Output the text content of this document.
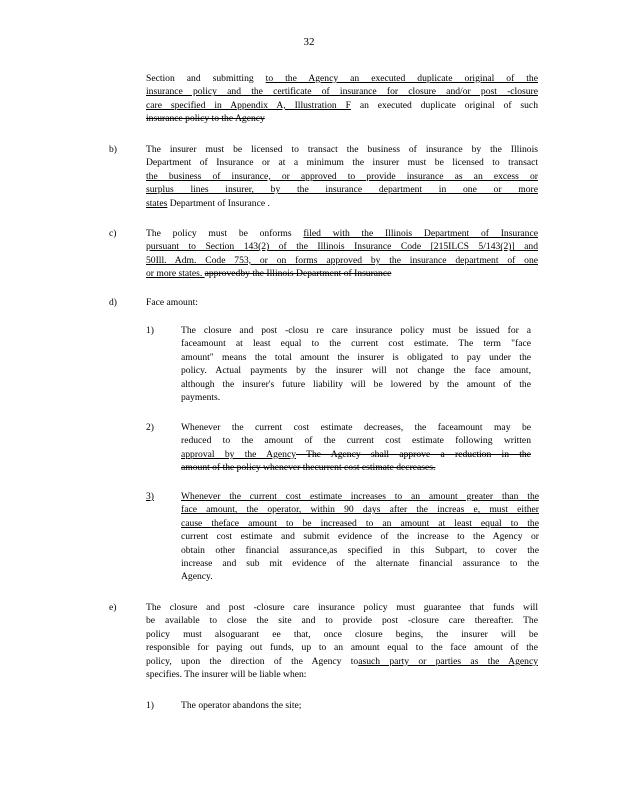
32
Section and submitting to the Agency an executed duplicate original of the
insurance policy and the certificate of insurance for closure and/or post -closure
care specified in Appendix A, Illustration F an executed duplicate original of such
insurance policy to the Agency
b)	The insurer must be licensed to transact the business of insurance by the Illinois
Department of Insurance or at a minimum the insurer must be licensed to transact
the business of insurance, or approved to provide insurance as an excess or
surplus lines insurer, by the insurance department in one or more
states Department of Insurance .
c)	The policy must be onforms filed with the Illinois Department of Insurance
pursuant to Section 143(2) of the Illinois Insurance Code [215ILCS 5/143(2)] and
50Ill. Adm. Code 753, or on forms approved by the insurance department of one
or more states. approvedby the Illinois Department of Insurance
d)	Face amount:
1)	The closure and post -closu re care insurance policy must be issued for a
faceamount at least equal to the current cost estimate. The term "face
amount" means the total amount the insurer is obligated to pay under the
policy. Actual payments by the insurer will not change the face amount,
although the insurer's future liability will be lowered by the amount of the
payments.
2)	Whenever the current cost estimate decreases, the faceamount may be
reduced to the amount of the current cost estimate following written
approval by the Agency The Agency shall approve a reduction in the
amount of the policy whenever thecurrent cost estimate decreases.
3)	Whenever the current cost estimate increases to an amount greater than the
face amount, the operator, within 90 days after the increas e, must either
cause theface amount to be increased to an amount at least equal to the
current cost estimate and submit evidence of the increase to the Agency or
obtain other financial assurance,as specified in this Subpart, to cover the
increase and sub mit evidence of the alternate financial assurance to the
Agency.
e)	The closure and post -closure care insurance policy must guarantee that funds will
be available to close the site and to provide post -closure care thereafter. The
policy must alsoguarant ee that, once closure begins, the insurer will be
responsible for paying out funds, up to an amount equal to the face amount of the
policy, upon the direction of the Agency toasuch party or parties as the Agency
specifies. The insurer will be liable when:
1)	The operator abandons the site;
